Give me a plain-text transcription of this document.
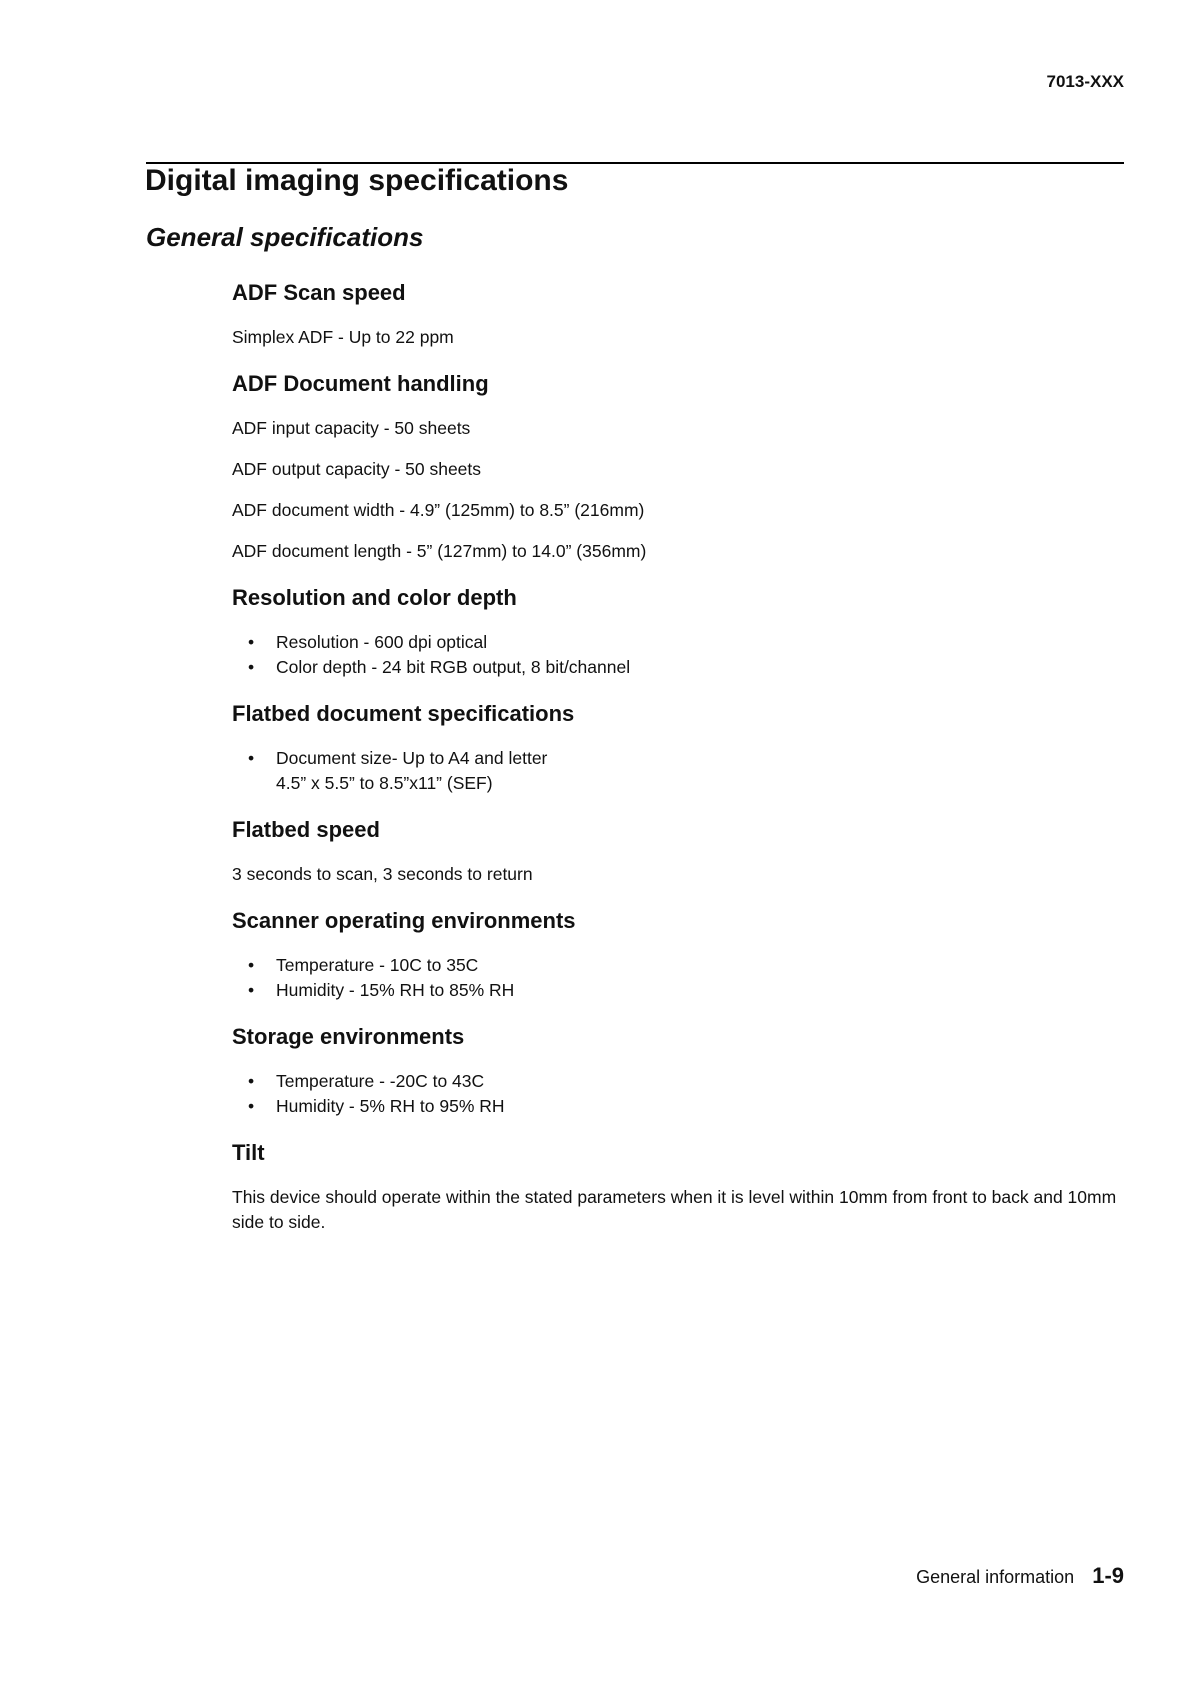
7013-XXX
Digital imaging specifications
General specifications
ADF Scan speed

Simplex ADF - Up to 22 ppm

ADF Document handling

ADF input capacity - 50 sheets

ADF output capacity - 50 sheets

ADF document width - 4.9” (125mm) to 8.5” (216mm)

ADF document length - 5” (127mm) to 14.0” (356mm)

Resolution and color depth
• Resolution - 600 dpi optical
• Color depth - 24 bit RGB output, 8 bit/channel
Flatbed document specifications
• Document size- Up to A4 and letter
4.5” x 5.5” to 8.5”x11” (SEF)
Flatbed speed

3 seconds to scan, 3 seconds to return

Scanner operating environments
• Temperature - 10C to 35C
• Humidity - 15% RH to 85% RH
Storage environments
• Temperature - -20C to 43C
• Humidity - 5% RH to 95% RH
Tilt

This device should operate within the stated parameters when it is level within 10mm from front to back and 10mm side to side.

General information 1-9
